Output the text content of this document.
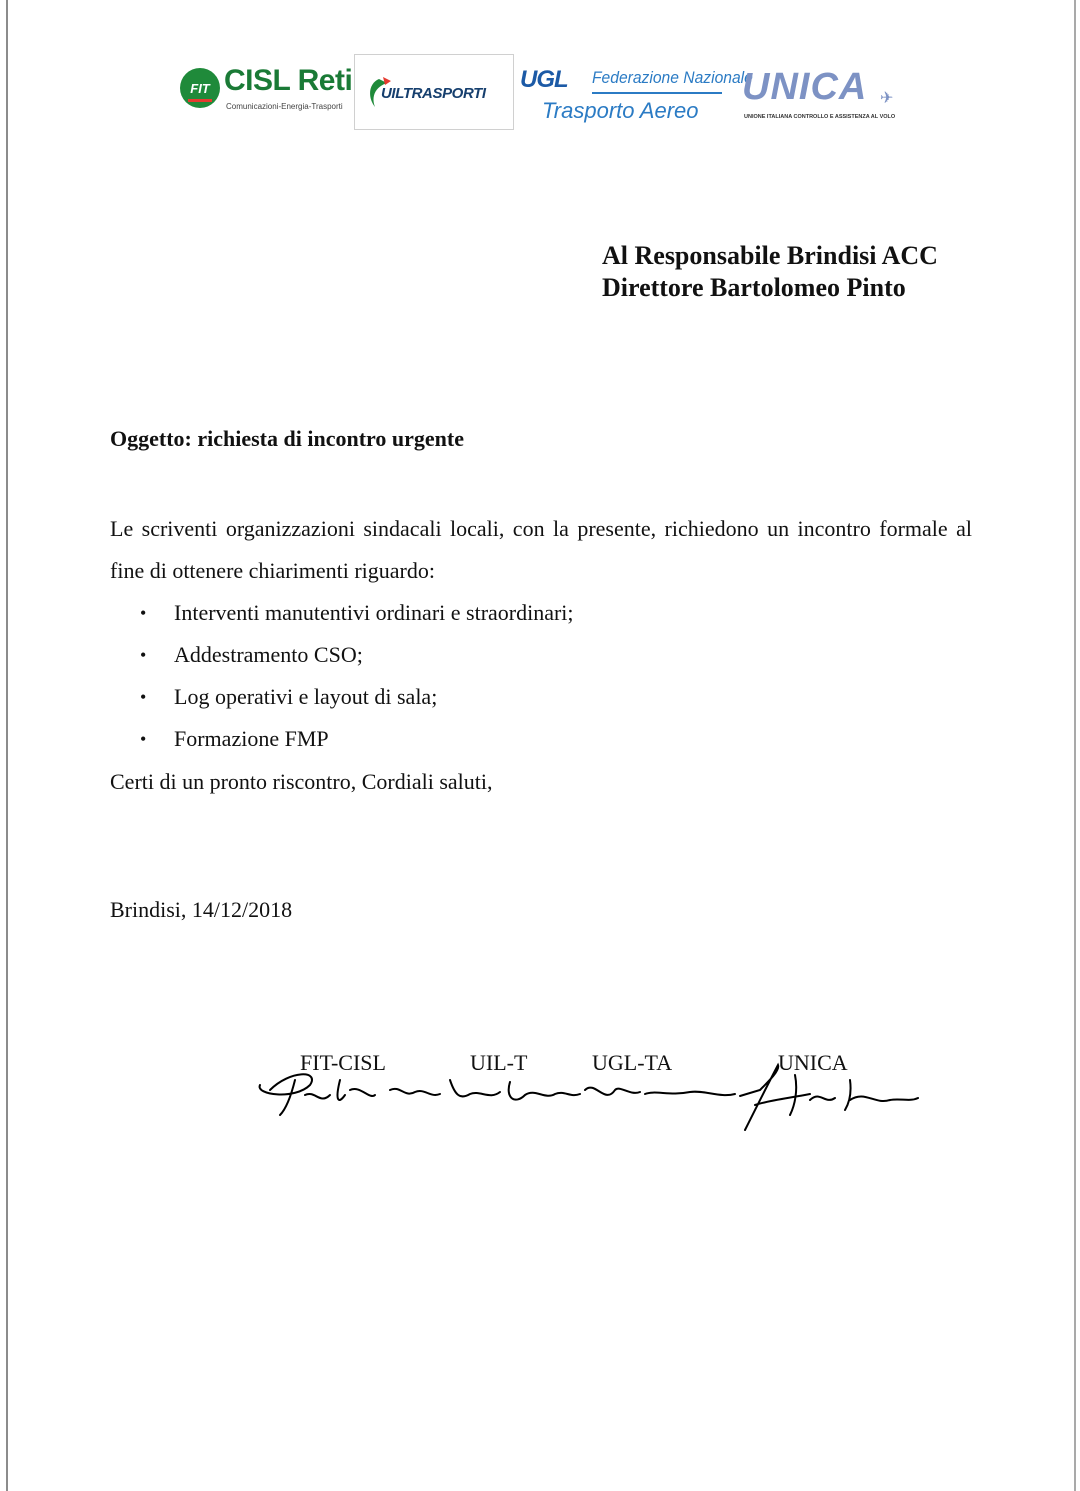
FIT CISL Reti
Comunicazioni-Energia-Trasporti
UILTRASPORTI
UGL Federazione Nazionale
Trasporto Aereo
UNICA ✈
UNIONE ITALIANA CONTROLLO E ASSISTENZA AL VOLO
Al Responsabile Brindisi ACC
Direttore Bartolomeo Pinto
Oggetto: richiesta di incontro urgente
Le scriventi organizzazioni sindacali locali, con la presente, richiedono un incontro formale al fine di ottenere chiarimenti riguardo:
• Interventi manutentivi ordinari e straordinari;
• Addestramento CSO;
• Log operativi e layout di sala;
• Formazione FMP
Certi di un pronto riscontro, Cordiali saluti,
Brindisi, 14/12/2018
FIT-CISL	UIL-T	UGL-TA	UNICA
